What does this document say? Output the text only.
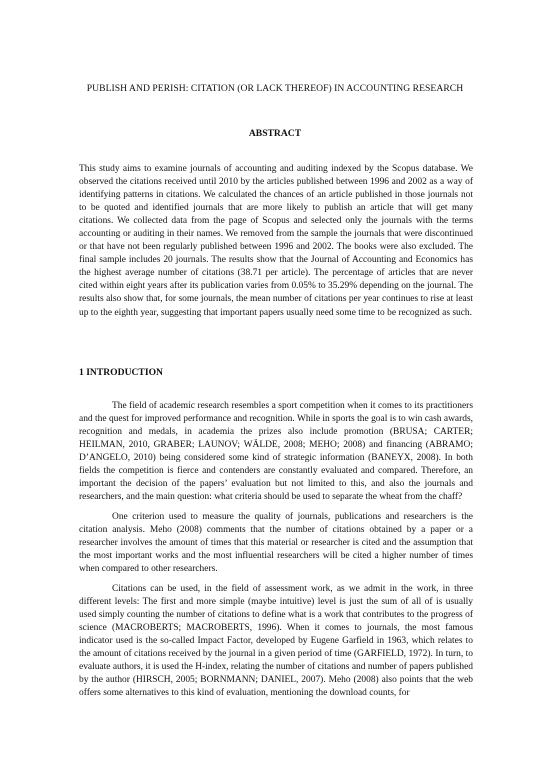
PUBLISH AND PERISH: CITATION (OR LACK THEREOF) IN ACCOUNTING RESEARCH
ABSTRACT

This study aims to examine journals of accounting and auditing indexed by the Scopus database. We observed the citations received until 2010 by the articles published between 1996 and 2002 as a way of identifying patterns in citations. We calculated the chances of an article published in those journals not to be quoted and identified journals that are more likely to publish an article that will get many citations. We collected data from the page of Scopus and selected only the journals with the terms accounting or auditing in their names. We removed from the sample the journals that were discontinued or that have not been regularly published between 1996 and 2002. The books were also excluded. The final sample includes 20 journals. The results show that the Journal of Accounting and Economics has the highest average number of citations (38.71 per article). The percentage of articles that are never cited within eight years after its publication varies from 0.05% to 35.29% depending on the journal. The results also show that, for some journals, the mean number of citations per year continues to rise at least up to the eighth year, suggesting that important papers usually need some time to be recognized as such.

1 INTRODUCTION

The field of academic research resembles a sport competition when it comes to its practitioners and the quest for improved performance and recognition. While in sports the goal is to win cash awards, recognition and medals, in academia the prizes also include promotion (BRUSA; CARTER; HEILMAN, 2010, GRABER; LAUNOV; WÄLDE, 2008; MEHO; 2008) and financing (ABRAMO; D’ANGELO, 2010) being considered some kind of strategic information (BANEYX, 2008). In both fields the competition is fierce and contenders are constantly evaluated and compared. Therefore, an important the decision of the papers’ evaluation but not limited to this, and also the journals and researchers, and the main question: what criteria should be used to separate the wheat from the chaff?

One criterion used to measure the quality of journals, publications and researchers is the citation analysis. Meho (2008) comments that the number of citations obtained by a paper or a researcher involves the amount of times that this material or researcher is cited and the assumption that the most important works and the most influential researchers will be cited a higher number of times when compared to other researchers.

Citations can be used, in the field of assessment work, as we admit in the work, in three different levels: The first and more simple (maybe intuitive) level is just the sum of all of is usually used simply counting the number of citations to define what is a work that contributes to the progress of science (MACROBERTS; MACROBERTS, 1996). When it comes to journals, the most famous indicator used is the so-called Impact Factor, developed by Eugene Garfield in 1963, which relates to the amount of citations received by the journal in a given period of time (GARFIELD, 1972). In turn, to evaluate authors, it is used the H-index, relating the number of citations and number of papers published by the author (HIRSCH, 2005; BORNMANN; DANIEL, 2007). Meho (2008) also points that the web offers some alternatives to this kind of evaluation, mentioning the download counts, for
